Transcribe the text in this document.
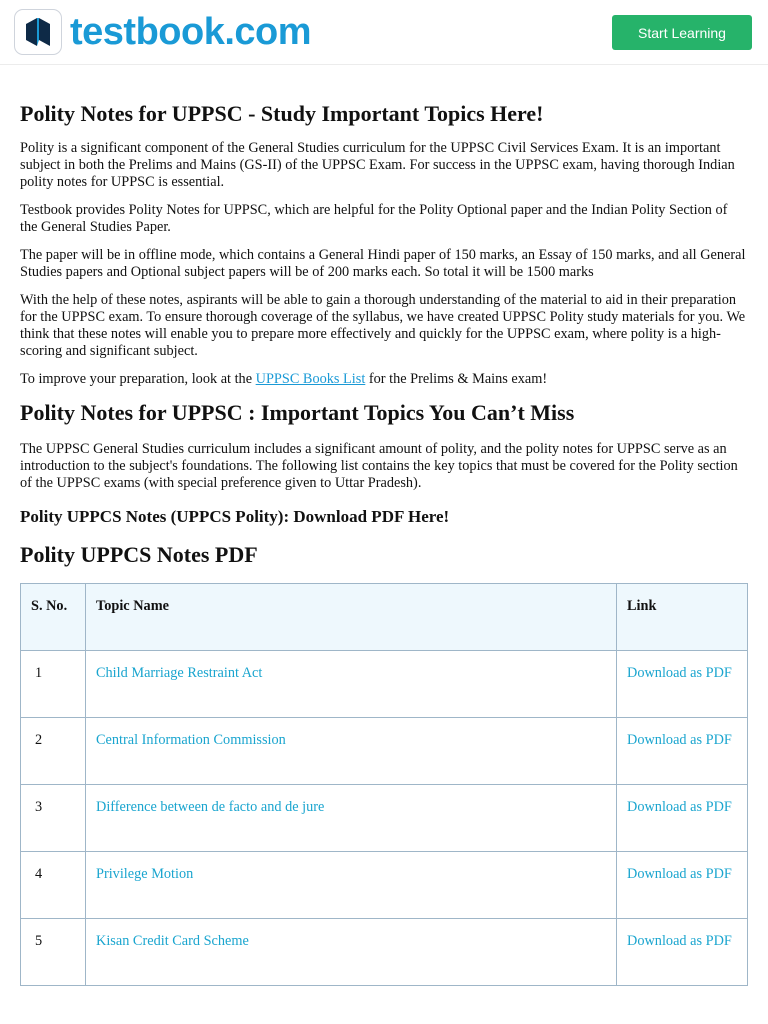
testbook.com	Start Learning
Polity Notes for UPPSC - Study Important Topics Here!

Polity is a significant component of the General Studies curriculum for the UPPSC Civil Services Exam. It is an important subject in both the Prelims and Mains (GS-II) of the UPPSC Exam. For success in the UPPSC exam, having thorough Indian polity notes for UPPSC is essential.

Testbook provides Polity Notes for UPPSC, which are helpful for the Polity Optional paper and the Indian Polity Section of the General Studies Paper.

The paper will be in offline mode, which contains a General Hindi paper of 150 marks, an Essay of 150 marks, and all General Studies papers and Optional subject papers will be of 200 marks each. So total it will be 1500 marks

With the help of these notes, aspirants will be able to gain a thorough understanding of the material to aid in their preparation for the UPPSC exam. To ensure thorough coverage of the syllabus, we have created UPPSC Polity study materials for you. We think that these notes will enable you to prepare more effectively and quickly for the UPPSC exam, where polity is a high-scoring and significant subject.

To improve your preparation, look at the UPPSC Books List for the Prelims & Mains exam!

Polity Notes for UPPSC : Important Topics You Can’t Miss

The UPPSC General Studies curriculum includes a significant amount of polity, and the polity notes for UPPSC serve as an introduction to the subject's foundations. The following list contains the key topics that must be covered for the Polity section of the UPPSC exams (with special preference given to Uttar Pradesh).

Polity UPPCS Notes (UPPCS Polity): Download PDF Here!
Polity UPPCS Notes PDF
S. No.	Topic Name	Link
1	Child Marriage Restraint Act	Download as PDF
2	Central Information Commission	Download as PDF
3	Difference between de facto and de jure	Download as PDF
4	Privilege Motion	Download as PDF
5	Kisan Credit Card Scheme	Download as PDF
